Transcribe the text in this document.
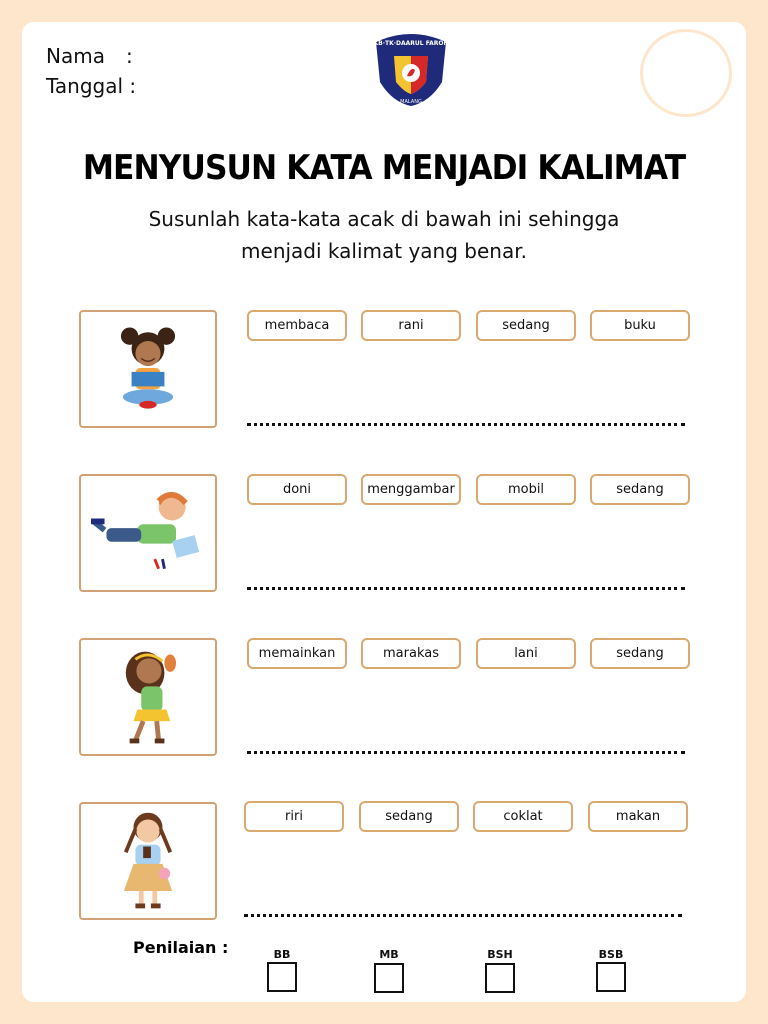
Nama :
Tanggal :
KB·TK·DAARUL FAROH
MALANG
MENYUSUN KATA MENJADI KALIMAT
Susunlah kata-kata acak di bawah ini sehingga
menjadi kalimat yang benar.
membaca	rani	sedang	buku
doni	menggambar	mobil	sedang
memainkan	marakas	lani	sedang
riri	sedang	coklat	makan
Penilaian :	BB	MB	BSH	BSB
